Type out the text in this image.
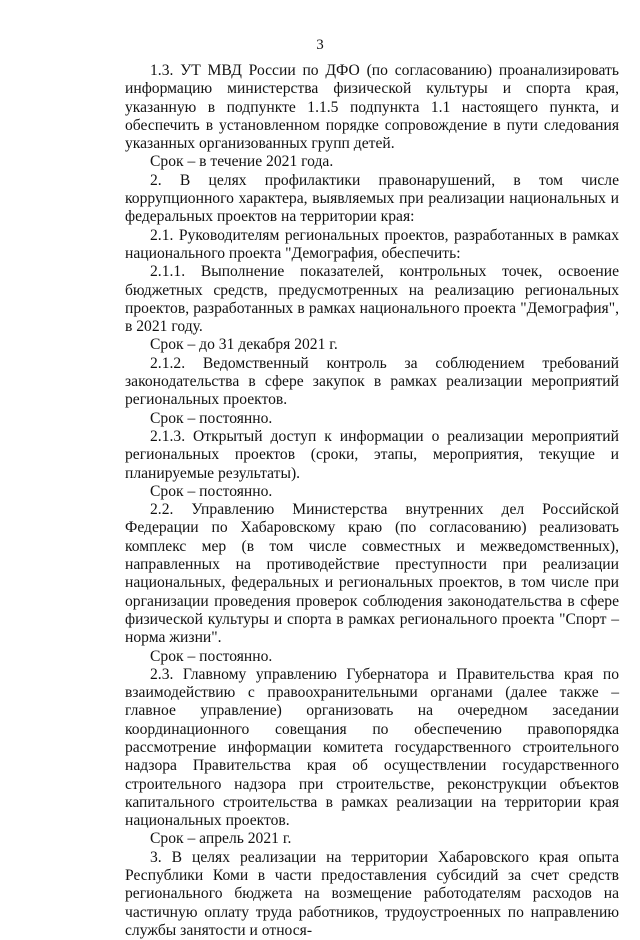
3

1.3. УТ МВД России по ДФО (по согласованию) проанализировать информацию министерства физической культуры и спорта края, указанную в подпункте 1.1.5 подпункта 1.1 настоящего пункта, и обеспечить в установленном порядке сопровождение в пути следования указанных организованных групп детей.

Срок – в течение 2021 года.

2. В целях профилактики правонарушений, в том числе коррупционного характера, выявляемых при реализации национальных и федеральных проектов на территории края:

2.1. Руководителям региональных проектов, разработанных в рамках национального проекта "Демография, обеспечить:

2.1.1. Выполнение показателей, контрольных точек, освоение бюджетных средств, предусмотренных на реализацию региональных проектов, разработанных в рамках национального проекта "Демография", в 2021 году.

Срок – до 31 декабря 2021 г.

2.1.2. Ведомственный контроль за соблюдением требований законодательства в сфере закупок в рамках реализации мероприятий региональных проектов.

Срок – постоянно.

2.1.3. Открытый доступ к информации о реализации мероприятий региональных проектов (сроки, этапы, мероприятия, текущие и планируемые результаты).

Срок – постоянно.

2.2. Управлению Министерства внутренних дел Российской Федерации по Хабаровскому краю (по согласованию) реализовать комплекс мер (в том числе совместных и межведомственных), направленных на противодействие преступности при реализации национальных, федеральных и региональных проектов, в том числе при организации проведения проверок соблюдения законодательства в сфере физической культуры и спорта в рамках регионального проекта "Спорт – норма жизни".

Срок – постоянно.

2.3. Главному управлению Губернатора и Правительства края по взаимодействию с правоохранительными органами (далее также – главное управление) организовать на очередном заседании координационного совещания по обеспечению правопорядка рассмотрение информации комитета государственного строительного надзора Правительства края об осуществлении государственного строительного надзора при строительстве, реконструкции объектов капитального строительства в рамках реализации на территории края национальных проектов.

Срок – апрель 2021 г.

3. В целях реализации на территории Хабаровского края опыта Республики Коми в части предоставления субсидий за счет средств регионального бюджета на возмещение работодателям расходов на частичную оплату труда работников, трудоустроенных по направлению службы занятости и относя-
